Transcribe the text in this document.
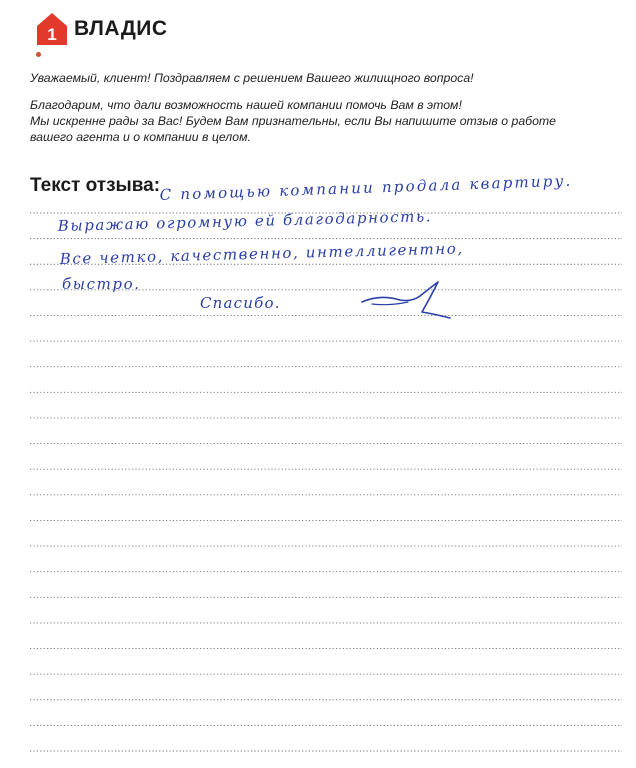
1 ВЛАДИС

Уважаемый, клиент! Поздравляем с решением Вашего жилищного вопроса!

Благодарим, что дали возможность нашей компании помочь Вам в этом!
Мы искренне рады за Вас! Будем Вам признательны, если Вы напишите отзыв о работе
вашего агента и о компании в целом.

Текст отзыва: С помощью компании продала квартиру.
Выражаю огромную ей благодарность.
Все четко, качественно, интеллигентно,
быстро.
Спасибо.
